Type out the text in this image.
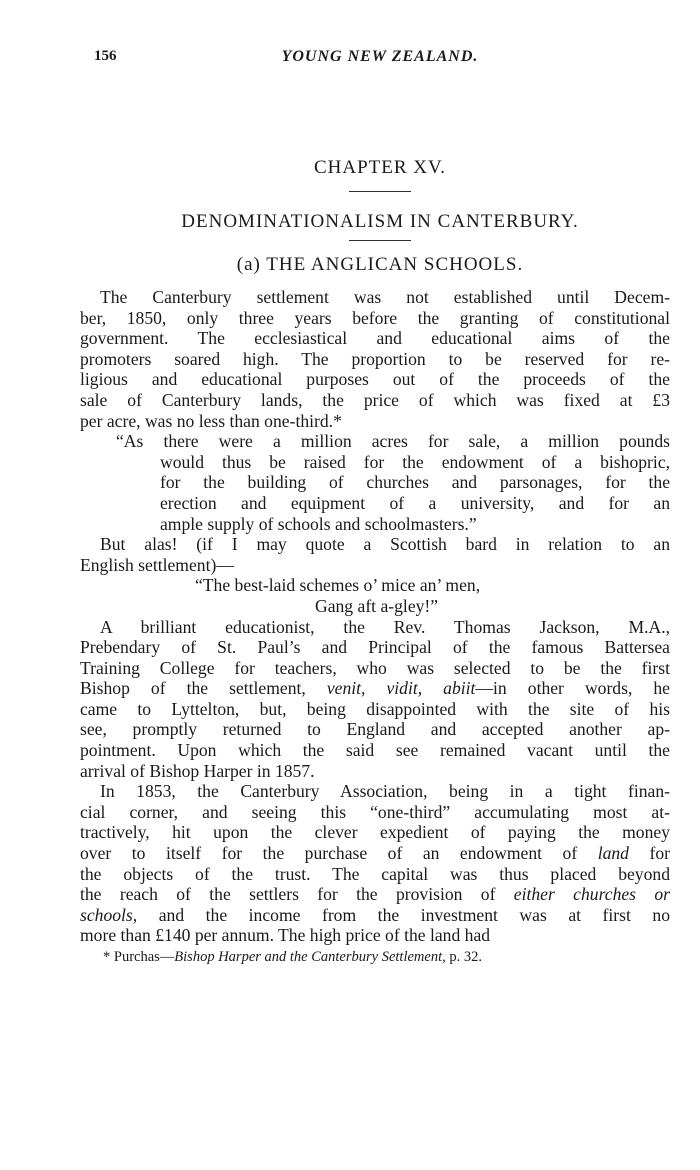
156	YOUNG NEW ZEALAND.
CHAPTER XV.
DENOMINATIONALISM IN CANTERBURY.
(a) THE ANGLICAN SCHOOLS.
The Canterbury settlement was not established until Decem-
ber, 1850, only three years before the granting of constitutional
government. The ecclesiastical and educational aims of the
promoters soared high. The proportion to be reserved for re-
ligious and educational purposes out of the proceeds of the
sale of Canterbury lands, the price of which was fixed at £3
per acre, was no less than one-third.*
“As there were a million acres for sale, a million pounds
would thus be raised for the endowment of a bishopric,
for the building of churches and parsonages, for the
erection and equipment of a university, and for an
ample supply of schools and schoolmasters.”
But alas! (if I may quote a Scottish bard in relation to an
English settlement)—
“The best-laid schemes o’ mice an’ men,
Gang aft a-gley!”
A brilliant educationist, the Rev. Thomas Jackson, M.A.,
Prebendary of St. Paul’s and Principal of the famous Battersea
Training College for teachers, who was selected to be the first
Bishop of the settlement, venit, vidit, abiit—in other words, he
came to Lyttelton, but, being disappointed with the site of his
see, promptly returned to England and accepted another ap-
pointment. Upon which the said see remained vacant until the
arrival of Bishop Harper in 1857.
In 1853, the Canterbury Association, being in a tight finan-
cial corner, and seeing this “one-third” accumulating most at-
tractively, hit upon the clever expedient of paying the money
over to itself for the purchase of an endowment of land for
the objects of the trust. The capital was thus placed beyond
the reach of the settlers for the provision of either churches or
schools, and the income from the investment was at first no
more than £140 per annum. The high price of the land had
* Purchas—Bishop Harper and the Canterbury Settlement, p. 32.
